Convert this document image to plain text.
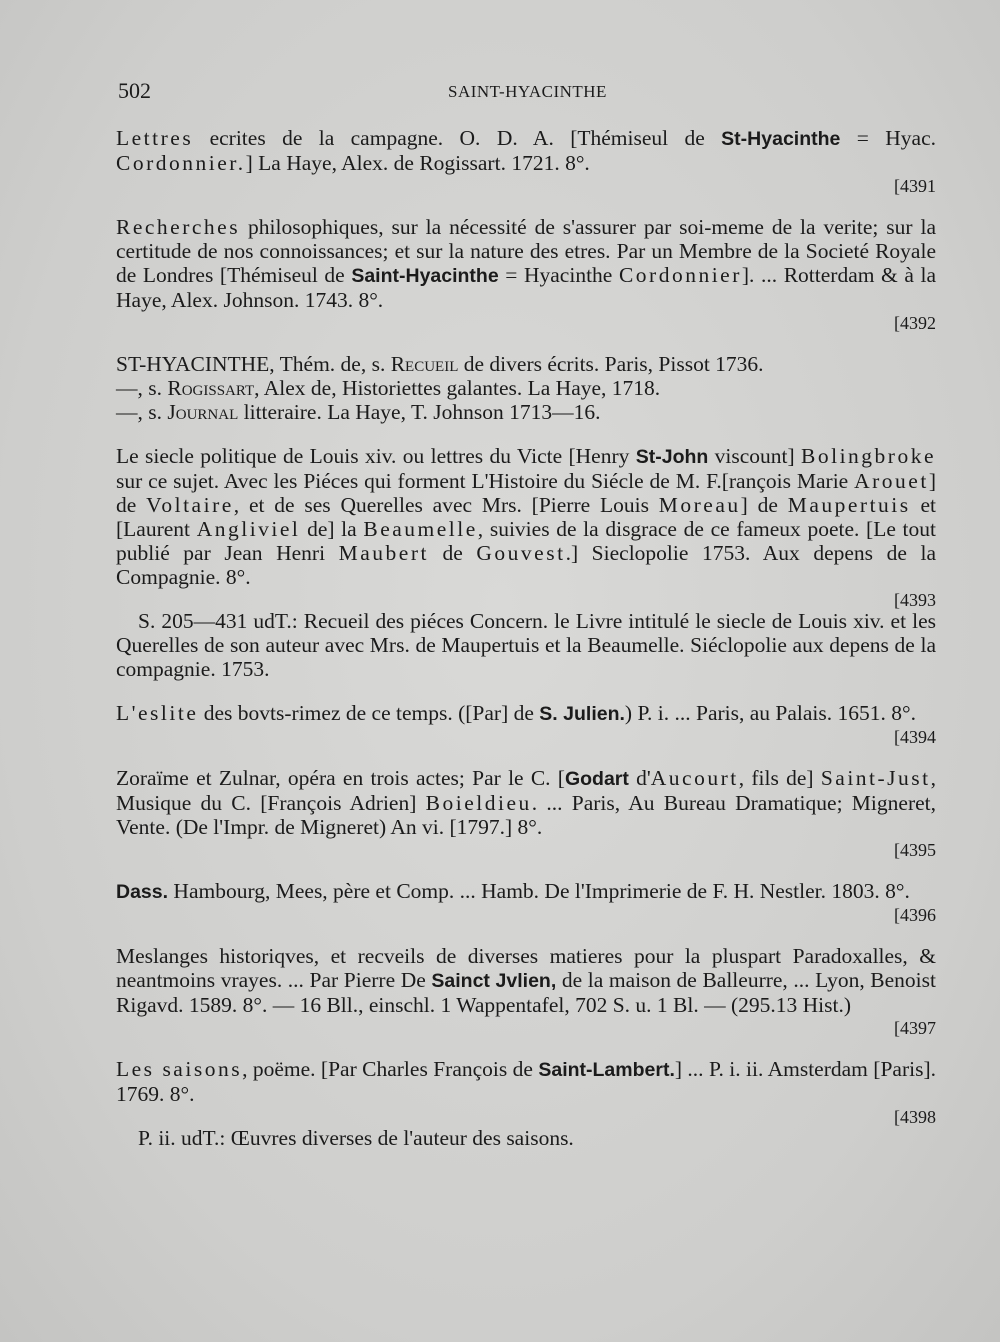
502	SAINT-HYACINTHE

Lettres ecrites de la campagne. O. D. A. [Thémiseul de St-Hyacinthe = Hyac. Cordonnier.] La Haye, Alex. de Rogissart. 1721. 8°.

[4391

Recherches philosophiques, sur la nécessité de s'assurer par soi-meme de la verite; sur la certitude de nos connoissances; et sur la nature des etres. Par un Membre de la Societé Royale de Londres [Thémiseul de Saint-Hyacinthe = Hyacinthe Cordonnier]. ... Rotterdam & à la Haye, Alex. Johnson. 1743. 8°.

[4392

ST-HYACINTHE, Thém. de, s. Recueil de divers écrits. Paris, Pissot 1736.

—, s. Rogissart, Alex de, Historiettes galantes. La Haye, 1718.

—, s. Journal litteraire. La Haye, T. Johnson 1713—16.

Le siecle politique de Louis xiv. ou lettres du Victe [Henry St-John viscount] Bolingbroke sur ce sujet. Avec les Piéces qui forment L'Histoire du Siécle de M. F.[rançois Marie Arouet] de Voltaire, et de ses Querelles avec Mrs. [Pierre Louis Moreau] de Maupertuis et [Laurent Angliviel de] la Beaumelle, suivies de la disgrace de ce fameux poete. [Le tout publié par Jean Henri Maubert de Gouvest.] Sieclopolie 1753. Aux depens de la Compagnie. 8°.

[4393

S. 205—431 udT.: Recueil des piéces Concern. le Livre intitulé le siecle de Louis xiv. et les Querelles de son auteur avec Mrs. de Maupertuis et la Beaumelle. Siéclopolie aux depens de la compagnie. 1753.

L'eslite des bovts-rimez de ce temps. ([Par] de S. Julien.) P. i. ... Paris, au Palais. 1651. 8°.

[4394

Zoraïme et Zulnar, opéra en trois actes; Par le C. [Godart d'Aucourt, fils de] Saint-Just, Musique du C. [François Adrien] Boieldieu. ... Paris, Au Bureau Dramatique; Migneret, Vente. (De l'Impr. de Migneret) An vi. [1797.] 8°.

[4395

Dass. Hambourg, Mees, père et Comp. ... Hamb. De l'Imprimerie de F. H. Nestler. 1803. 8°.

[4396

Meslanges historiqves, et recveils de diverses matieres pour la pluspart Paradoxalles, & neantmoins vrayes. ... Par Pierre De Sainct Jvlien, de la maison de Balleurre, ... Lyon, Benoist Rigavd. 1589. 8°. — 16 Bll., einschl. 1 Wappentafel, 702 S. u. 1 Bl. — (295.13 Hist.)

[4397

Les saisons, poëme. [Par Charles François de Saint-Lambert.] ... P. i. ii. Amsterdam [Paris]. 1769. 8°.

[4398

P. ii. udT.: Œuvres diverses de l'auteur des saisons.
